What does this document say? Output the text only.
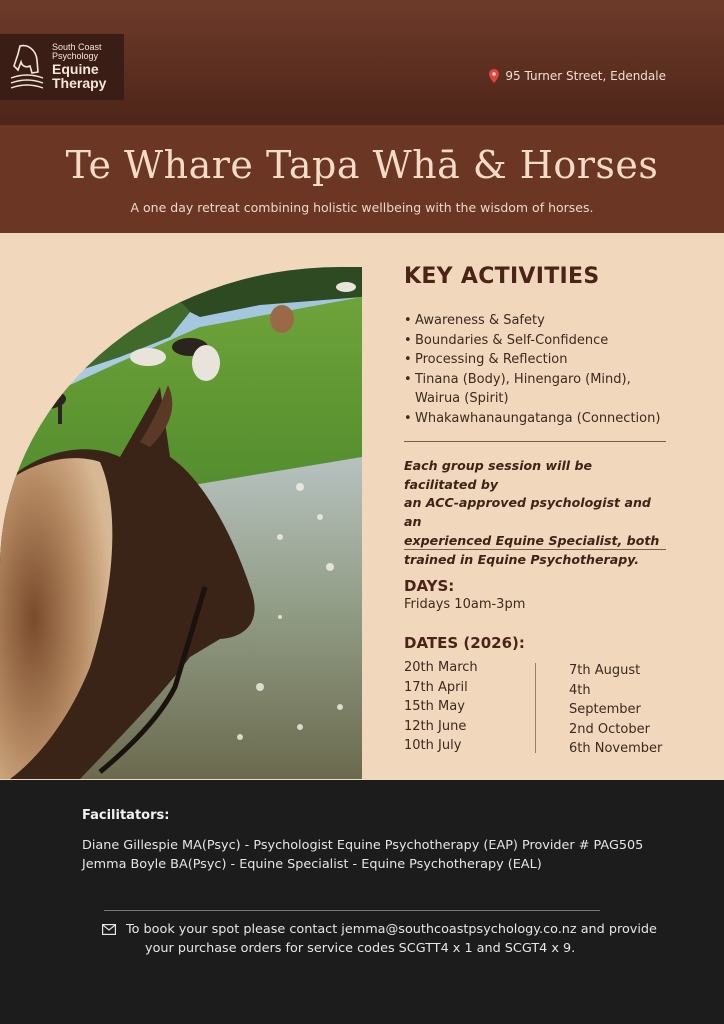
South Coast
Psychology
Equine
Therapy	95 Turner Street, Edendale
Te Whare Tapa Whā & Horses
A one day retreat combining holistic wellbeing with the wisdom of horses.
KEY ACTIVITIES
• Awareness & Safety
• Boundaries & Self-Confidence
• Processing & Reflection
• Tinana (Body), Hinengaro (Mind),
Wairua (Spirit)
• Whakawhanaungatanga (Connection)
Each group session will be facilitated by
an ACC-approved psychologist and an
experienced Equine Specialist, both
trained in Equine Psychotherapy.
DAYS:
Fridays 10am-3pm
DATES (2026):
20th March
17th April
15th May
12th June
10th July
7th August
4th September
2nd October
6th November
Facilitators:
Diane Gillespie MA(Psyc) - Psychologist Equine Psychotherapy (EAP) Provider # PAG505
Jemma Boyle BA(Psyc) - Equine Specialist - Equine Psychotherapy (EAL)
To book your spot please contact jemma@southcoastpsychology.co.nz and provide
your purchase orders for service codes SCGTT4 x 1 and SCGT4 x 9.
